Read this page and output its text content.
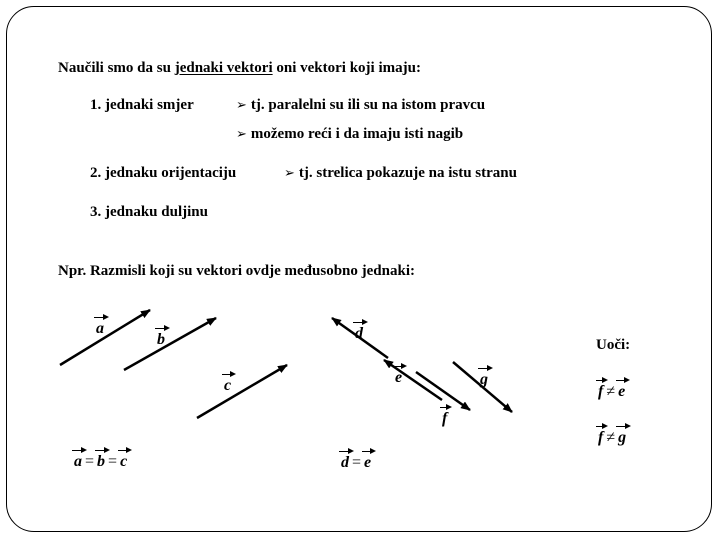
Naučili smo da su jednaki vektori oni vektori koji imaju:
1. jednaki smjer	➢ tj. paralelni su ili su na istom pravcu
➢ možemo reći i da imaju isti nagib
2. jednaku orijentaciju	➢ tj. strelica pokazuje na istu stranu
3. jednaku duljinu
Npr. Razmisli koji su vektori ovdje međusobno jednaki:
a
b
c
d
e
f
g
a = b = c	d = e
Uoči:
f ≠ e
f ≠ g
